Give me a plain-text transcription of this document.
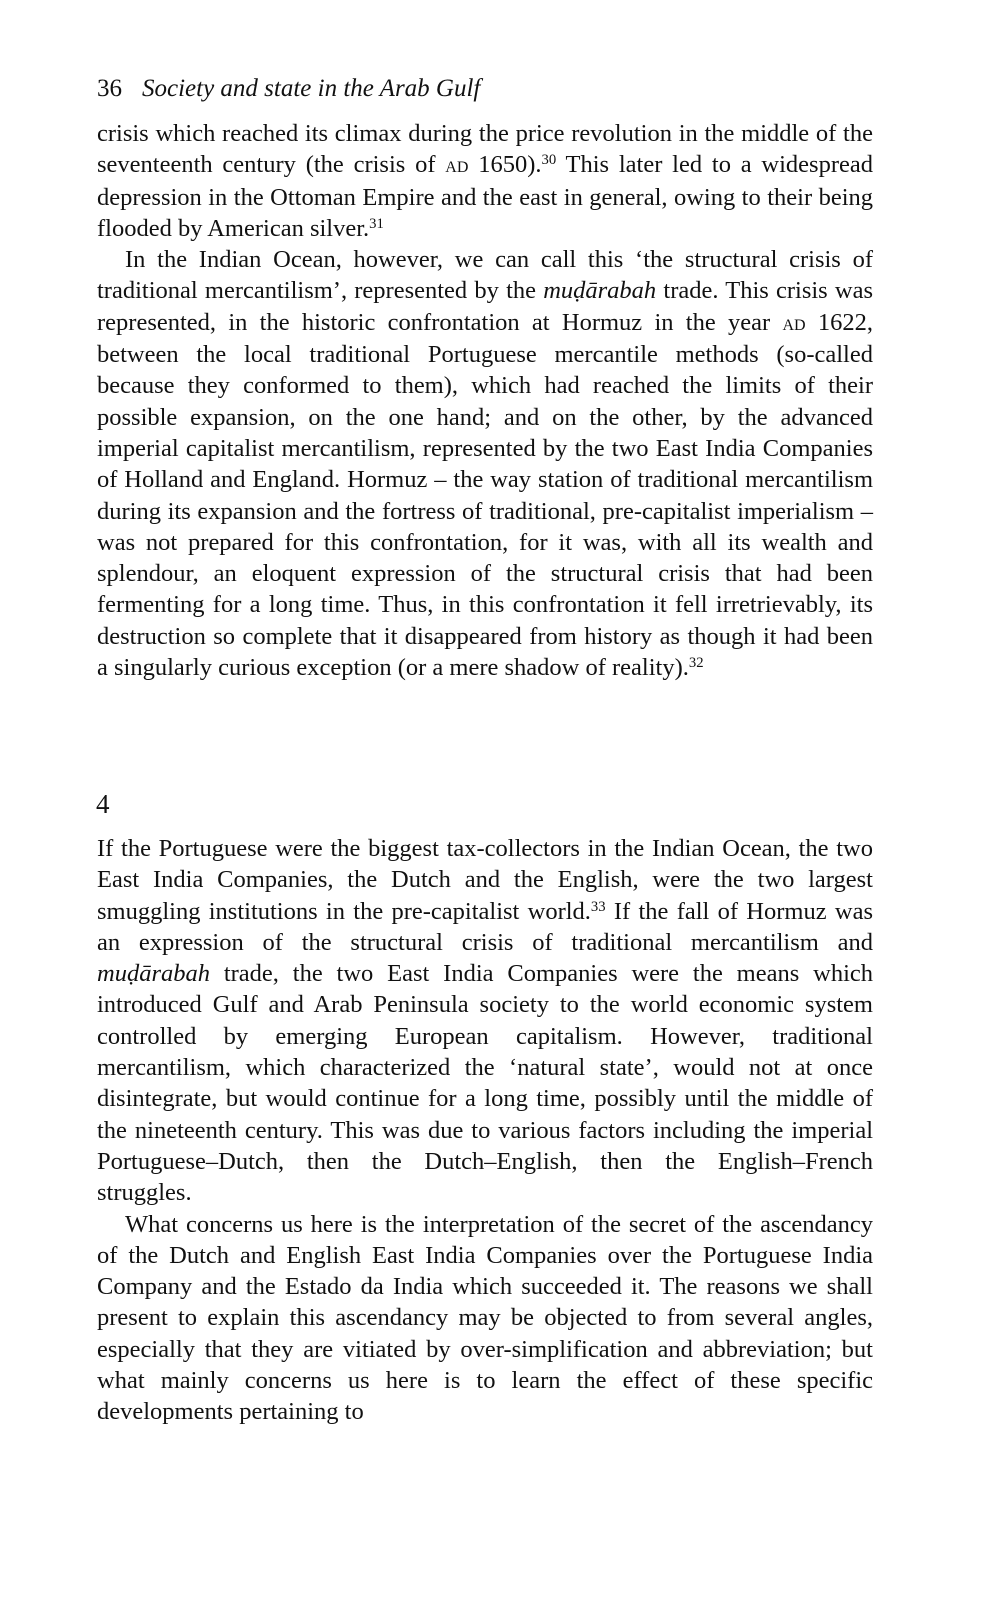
36 Society and state in the Arab Gulf

crisis which reached its climax during the price revolution in the middle of the seventeenth century (the crisis of ad 1650).$^{30}$ This later led to a widespread depression in the Ottoman Empire and the east in general, owing to their being flooded by American silver.$^{31}$

In the Indian Ocean, however, we can call this ‘the structural crisis of traditional mercantilism’, represented by the muḍārabah trade. This crisis was represented, in the historic confrontation at Hormuz in the year ad 1622, between the local traditional Portuguese mercantile methods (so-called because they conformed to them), which had reached the limits of their possible expansion, on the one hand; and on the other, by the advanced imperial capitalist mercantilism, represented by the two East India Companies of Holland and England. Hormuz – the way station of traditional mercantilism during its expansion and the fortress of traditional, pre-capitalist imperialism – was not prepared for this confrontation, for it was, with all its wealth and splendour, an eloquent expression of the structural crisis that had been fermenting for a long time. Thus, in this confrontation it fell irretrievably, its destruction so complete that it disappeared from history as though it had been a singularly curious exception (or a mere shadow of reality).$^{32}$

4

If the Portuguese were the biggest tax-collectors in the Indian Ocean, the two East India Companies, the Dutch and the English, were the two largest smuggling institutions in the pre-capitalist world.$^{33}$ If the fall of Hormuz was an expression of the structural crisis of traditional mercantilism and muḍārabah trade, the two East India Companies were the means which introduced Gulf and Arab Peninsula society to the world economic system controlled by emerging European capitalism. However, traditional mercantilism, which characterized the ‘natural state’, would not at once disintegrate, but would continue for a long time, possibly until the middle of the nineteenth century. This was due to various factors including the imperial Portuguese–Dutch, then the Dutch–English, then the English–French struggles.

What concerns us here is the interpretation of the secret of the ascendancy of the Dutch and English East India Companies over the Portuguese India Company and the Estado da India which succeeded it. The reasons we shall present to explain this ascendancy may be objected to from several angles, especially that they are vitiated by over-simplification and abbreviation; but what mainly concerns us here is to learn the effect of these specific developments pertaining to
